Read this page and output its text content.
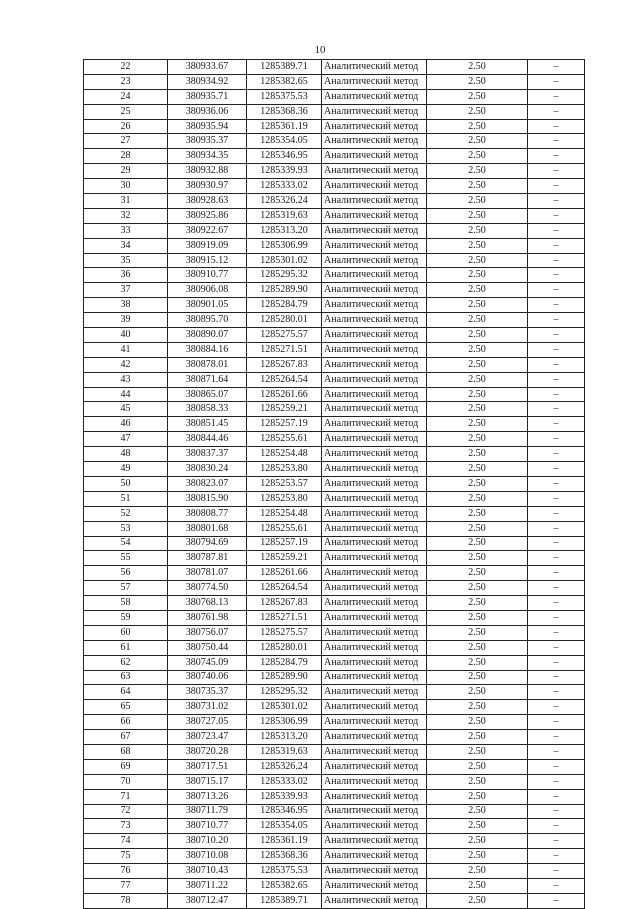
10
22	380933.67	1285389.71	Аналитический метод	2.50	–
23	380934.92	1285382.65	Аналитический метод	2.50	–
24	380935.71	1285375.53	Аналитический метод	2.50	–
25	380936.06	1285368.36	Аналитический метод	2.50	–
26	380935.94	1285361.19	Аналитический метод	2.50	–
27	380935.37	1285354.05	Аналитический метод	2.50	–
28	380934.35	1285346.95	Аналитический метод	2.50	–
29	380932.88	1285339.93	Аналитический метод	2.50	–
30	380930.97	1285333.02	Аналитический метод	2.50	–
31	380928.63	1285326.24	Аналитический метод	2.50	–
32	380925.86	1285319.63	Аналитический метод	2.50	–
33	380922.67	1285313.20	Аналитический метод	2.50	–
34	380919.09	1285306.99	Аналитический метод	2.50	–
35	380915.12	1285301.02	Аналитический метод	2.50	–
36	380910.77	1285295.32	Аналитический метод	2.50	–
37	380906.08	1285289.90	Аналитический метод	2.50	–
38	380901.05	1285284.79	Аналитический метод	2.50	–
39	380895.70	1285280.01	Аналитический метод	2.50	–
40	380890.07	1285275.57	Аналитический метод	2.50	–
41	380884.16	1285271.51	Аналитический метод	2.50	–
42	380878.01	1285267.83	Аналитический метод	2.50	–
43	380871.64	1285264.54	Аналитический метод	2.50	–
44	380865.07	1285261.66	Аналитический метод	2.50	–
45	380858.33	1285259.21	Аналитический метод	2.50	–
46	380851.45	1285257.19	Аналитический метод	2.50	–
47	380844.46	1285255.61	Аналитический метод	2.50	–
48	380837.37	1285254.48	Аналитический метод	2.50	–
49	380830.24	1285253.80	Аналитический метод	2.50	–
50	380823.07	1285253.57	Аналитический метод	2.50	–
51	380815.90	1285253.80	Аналитический метод	2.50	–
52	380808.77	1285254.48	Аналитический метод	2.50	–
53	380801.68	1285255.61	Аналитический метод	2.50	–
54	380794.69	1285257.19	Аналитический метод	2.50	–
55	380787.81	1285259.21	Аналитический метод	2.50	–
56	380781.07	1285261.66	Аналитический метод	2.50	–
57	380774.50	1285264.54	Аналитический метод	2.50	–
58	380768.13	1285267.83	Аналитический метод	2.50	–
59	380761.98	1285271.51	Аналитический метод	2.50	–
60	380756.07	1285275.57	Аналитический метод	2.50	–
61	380750.44	1285280.01	Аналитический метод	2.50	–
62	380745.09	1285284.79	Аналитический метод	2.50	–
63	380740.06	1285289.90	Аналитический метод	2.50	–
64	380735.37	1285295.32	Аналитический метод	2.50	–
65	380731.02	1285301.02	Аналитический метод	2.50	–
66	380727.05	1285306.99	Аналитический метод	2.50	–
67	380723.47	1285313.20	Аналитический метод	2.50	–
68	380720.28	1285319.63	Аналитический метод	2.50	–
69	380717.51	1285326.24	Аналитический метод	2.50	–
70	380715.17	1285333.02	Аналитический метод	2.50	–
71	380713.26	1285339.93	Аналитический метод	2.50	–
72	380711.79	1285346.95	Аналитический метод	2.50	–
73	380710.77	1285354.05	Аналитический метод	2.50	–
74	380710.20	1285361.19	Аналитический метод	2.50	–
75	380710.08	1285368.36	Аналитический метод	2.50	–
76	380710.43	1285375.53	Аналитический метод	2.50	–
77	380711.22	1285382.65	Аналитический метод	2.50	–
78	380712.47	1285389.71	Аналитический метод	2.50	–
